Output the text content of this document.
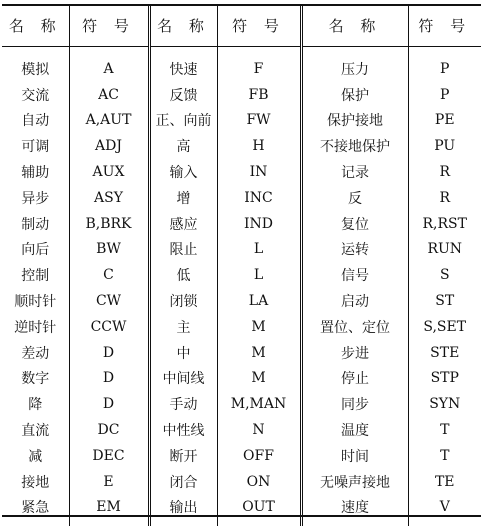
名 称	符 号	名 称	符 号	名 称	符 号
模拟	A	快速	F	压力	P
交流	AC	反馈	FB	保护	P
自动	A,AUT	正、向前	FW	保护接地	PE
可调	ADJ	高	H	不接地保护	PU
辅助	AUX	输入	IN	记录	R
异步	ASY	增	INC	反	R
制动	B,BRK	感应	IND	复位	R,RST
向后	BW	限止	L	运转	RUN
控制	C	低	L	信号	S
顺时针	CW	闭锁	LA	启动	ST
逆时针	CCW	主	M	置位、定位	S,SET
差动	D	中	M	步进	STE
数字	D	中间线	M	停止	STP
降	D	手动	M,MAN	同步	SYN
直流	DC	中性线	N	温度	T
减	DEC	断开	OFF	时间	T
接地	E	闭合	ON	无噪声接地	TE
紧急	EM	输出	OUT	速度	V
